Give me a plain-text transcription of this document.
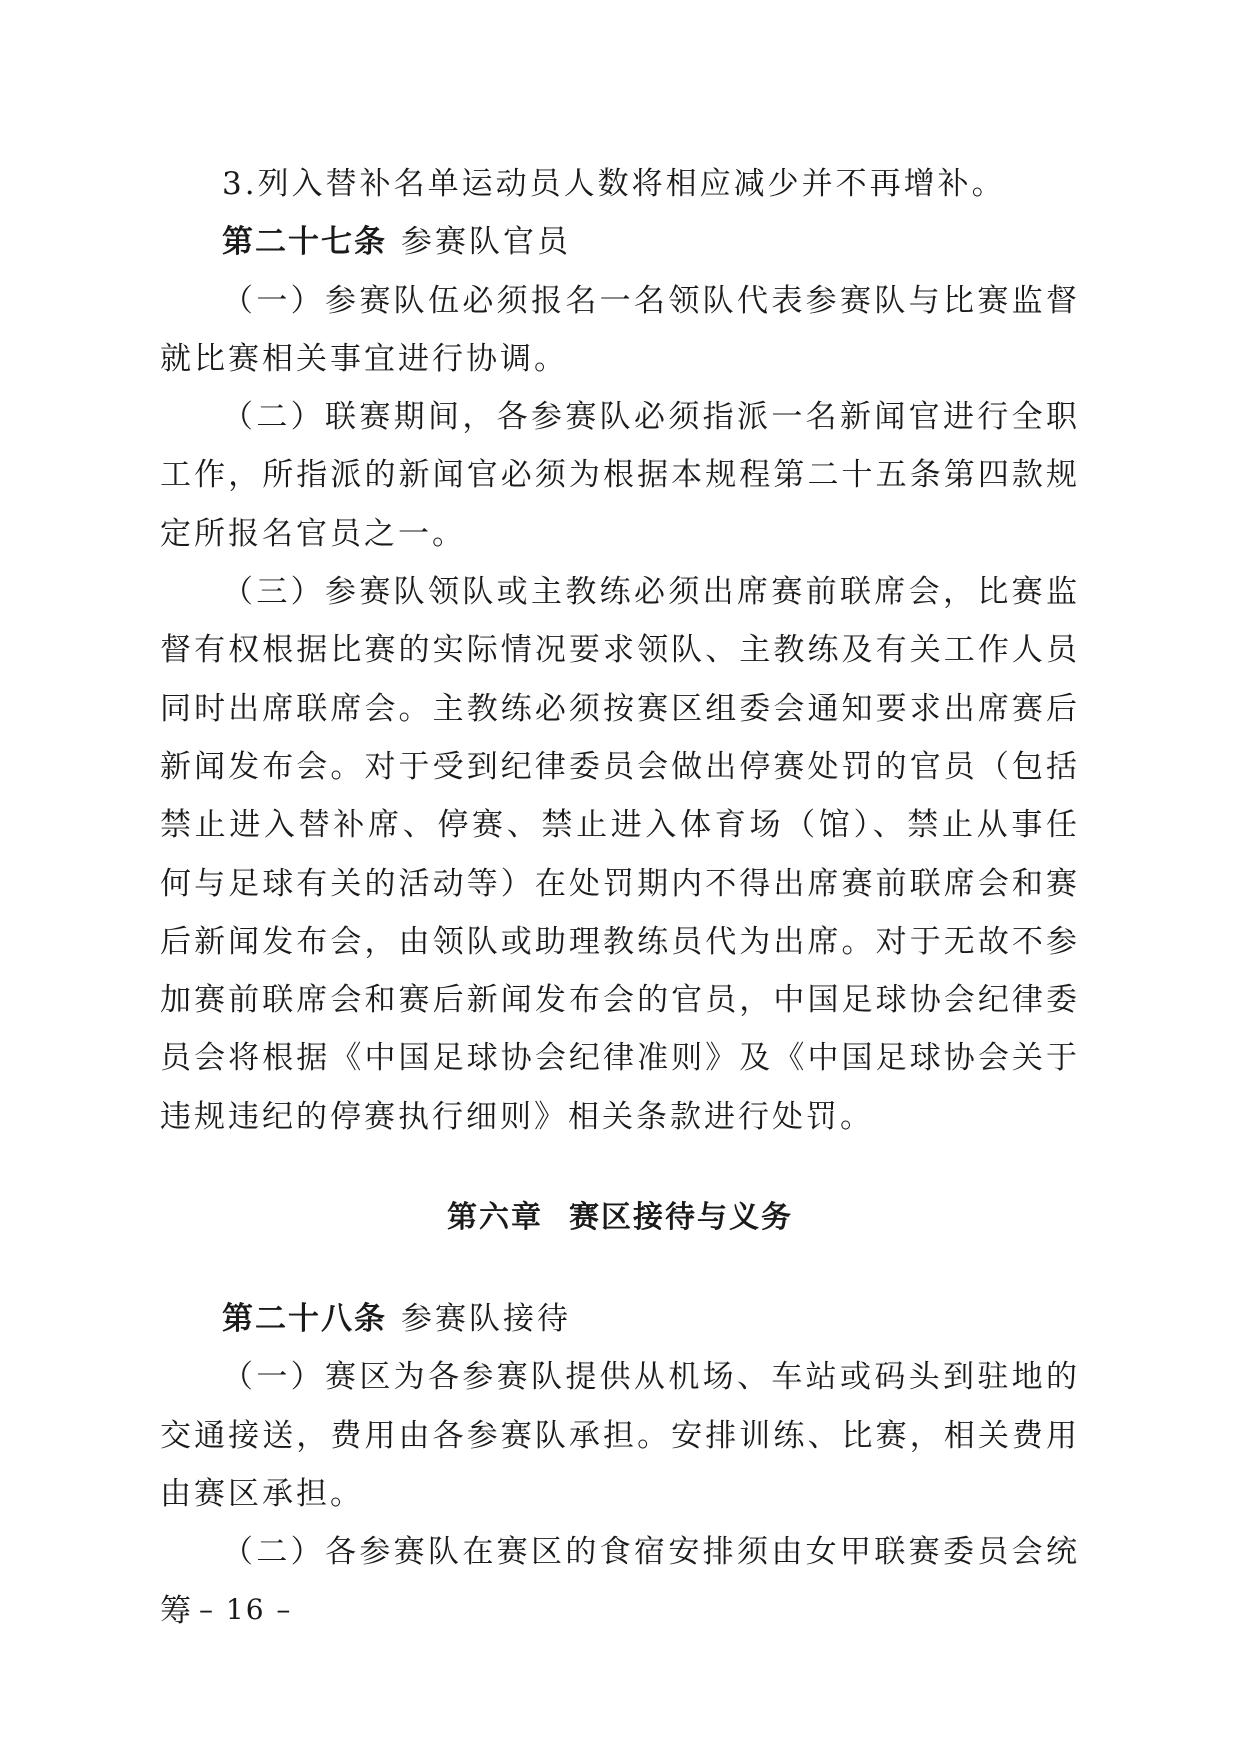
3.列入替补名单运动员人数将相应减少并不再增补。

第二十七条 参赛队官员

（一）参赛队伍必须报名一名领队代表参赛队与比赛监督就比赛相关事宜进行协调。

（二）联赛期间，各参赛队必须指派一名新闻官进行全职工作，所指派的新闻官必须为根据本规程第二十五条第四款规定所报名官员之一。

（三）参赛队领队或主教练必须出席赛前联席会，比赛监督有权根据比赛的实际情况要求领队、主教练及有关工作人员同时出席联席会。主教练必须按赛区组委会通知要求出席赛后新闻发布会。对于受到纪律委员会做出停赛处罚的官员（包括禁止进入替补席、停赛、禁止进入体育场（馆）、禁止从事任何与足球有关的活动等）在处罚期内不得出席赛前联席会和赛后新闻发布会，由领队或助理教练员代为出席。对于无故不参加赛前联席会和赛后新闻发布会的官员，中国足球协会纪律委员会将根据《中国足球协会纪律准则》及《中国足球协会关于违规违纪的停赛执行细则》相关条款进行处罚。

第六章 赛区接待与义务

第二十八条 参赛队接待

（一）赛区为各参赛队提供从机场、车站或码头到驻地的交通接送，费用由各参赛队承担。安排训练、比赛，相关费用由赛区承担。

（二）各参赛队在赛区的食宿安排须由女甲联赛委员会统筹 – 16 –
